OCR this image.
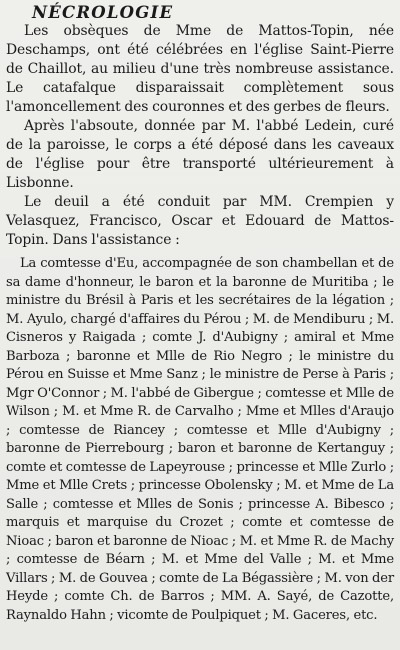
NÉCROLOGIE

Les obsèques de Mme de Mattos-Topin, née Deschamps, ont été célébrées en l'église Saint-Pierre de Chaillot, au milieu d'une très nombreuse assistance. Le catafalque disparaissait complètement sous l'amoncellement des couronnes et des gerbes de fleurs.

Après l'absoute, donnée par M. l'abbé Ledein, curé de la paroisse, le corps a été déposé dans les caveaux de l'église pour être transporté ultérieurement à Lisbonne.

Le deuil a été conduit par MM. Crempien y Velasquez, Francisco, Oscar et Edouard de Mattos-Topin. Dans l'assistance :

La comtesse d'Eu, accompagnée de son chambellan et de sa dame d'honneur, le baron et la baronne de Muritiba ; le ministre du Brésil à Paris et les secrétaires de la légation ; M. Ayulo, chargé d'affaires du Pérou ; M. de Mendiburu ; M. Cisneros y Raigada ; comte J. d'Aubigny ; amiral et Mme Barboza ; baronne et Mlle de Rio Negro ; le ministre du Pérou en Suisse et Mme Sanz ; le ministre de Perse à Paris ; Mgr O'Connor ; M. l'abbé de Gibergue ; comtesse et Mlle de Wilson ; M. et Mme R. de Carvalho ; Mme et Mlles d'Araujo ; comtesse de Riancey ; comtesse et Mlle d'Aubigny ; baronne de Pierrebourg ; baron et baronne de Kertanguy ; comte et comtesse de Lapeyrouse ; princesse et Mlle Zurlo ; Mme et Mlle Crets ; princesse Obolensky ; M. et Mme de La Salle ; comtesse et Mlles de Sonis ; princesse A. Bibesco ; marquis et marquise du Crozet ; comte et comtesse de Nioac ; baron et baronne de Nioac ; M. et Mme R. de Machy ; comtesse de Béarn ; M. et Mme del Valle ; M. et Mme Villars ; M. de Gouvea ; comte de La Bégassière ; M. von der Heyde ; comte Ch. de Barros ; MM. A. Sayé, de Cazotte, Raynaldo Hahn ; vicomte de Poulpiquet ; M. Gaceres, etc.
